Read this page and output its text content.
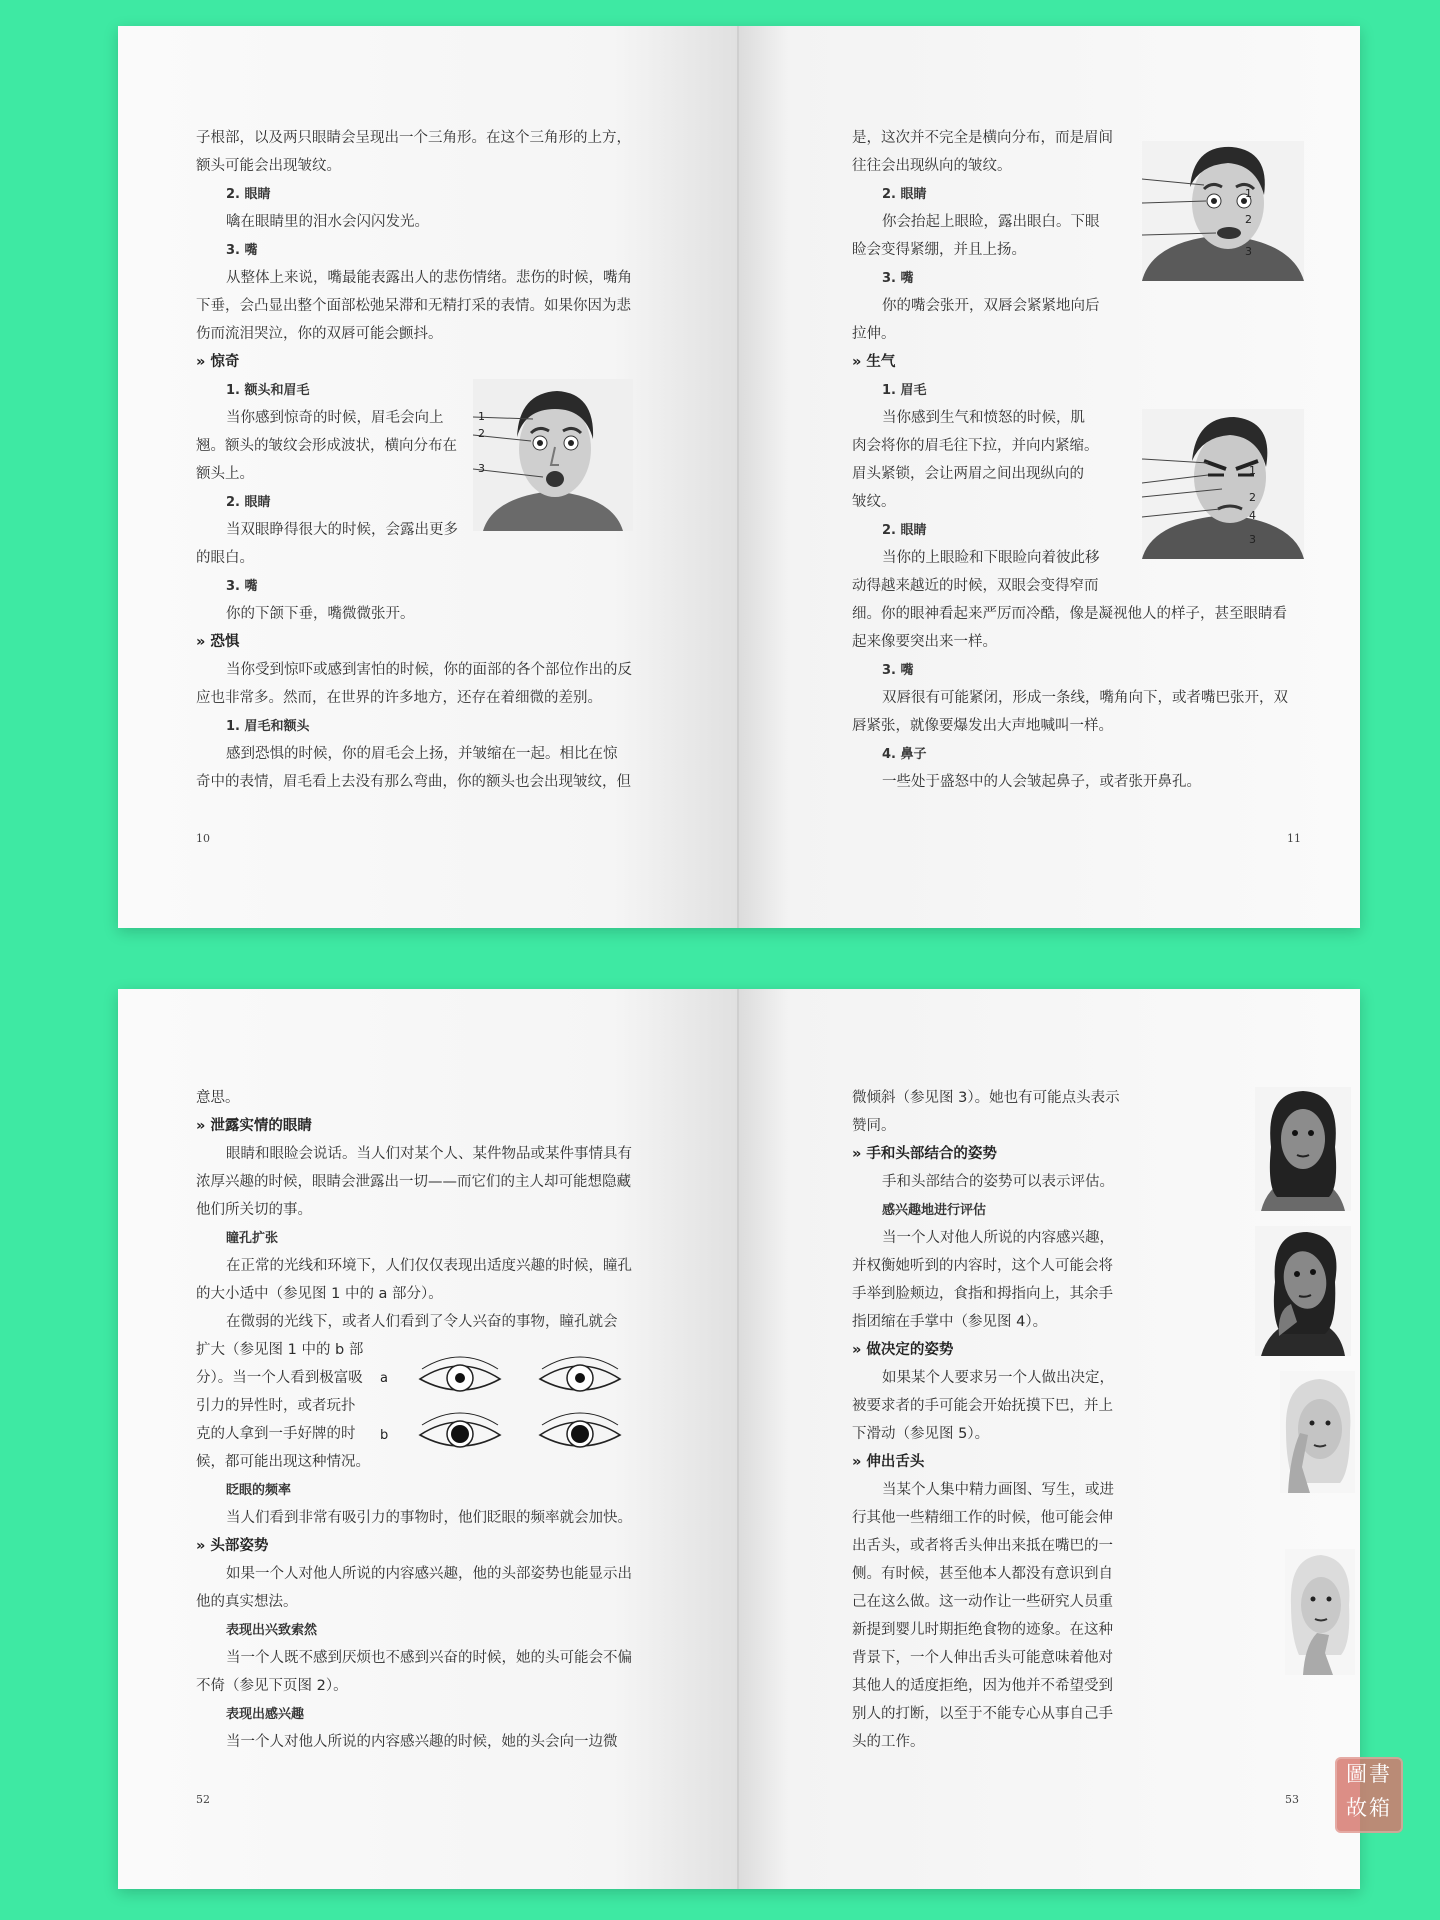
子根部，以及两只眼睛会呈现出一个三角形。在这个三角形的上方，
额头可能会出现皱纹。
2. 眼睛
噙在眼睛里的泪水会闪闪发光。
3. 嘴
从整体上来说，嘴最能表露出人的悲伤情绪。悲伤的时候，嘴角
下垂，会凸显出整个面部松弛呆滞和无精打采的表情。如果你因为悲
伤而流泪哭泣，你的双唇可能会颤抖。
» 惊奇
1. 额头和眉毛
当你感到惊奇的时候，眉毛会向上
翘。额头的皱纹会形成波状，横向分布在
额头上。
2. 眼睛
当双眼睁得很大的时候，会露出更多
的眼白。
3. 嘴
你的下颌下垂，嘴微微张开。
» 恐惧
当你受到惊吓或感到害怕的时候，你的面部的各个部位作出的反
应也非常多。然而，在世界的许多地方，还存在着细微的差别。
1. 眉毛和额头
感到恐惧的时候，你的眉毛会上扬，并皱缩在一起。相比在惊
奇中的表情，眉毛看上去没有那么弯曲，你的额头也会出现皱纹，但
1
2
3
10
是，这次并不完全是横向分布，而是眉间
往往会出现纵向的皱纹。
2. 眼睛
你会抬起上眼睑，露出眼白。下眼
睑会变得紧绷，并且上扬。
3. 嘴
你的嘴会张开，双唇会紧紧地向后
拉伸。
» 生气
1. 眉毛
当你感到生气和愤怒的时候，肌
肉会将你的眉毛往下拉，并向内紧缩。
眉头紧锁，会让两眉之间出现纵向的
皱纹。
2. 眼睛
当你的上眼睑和下眼睑向着彼此移
动得越来越近的时候，双眼会变得窄而
细。你的眼神看起来严厉而冷酷，像是凝视他人的样子，甚至眼睛看
起来像要突出来一样。
3. 嘴
双唇很有可能紧闭，形成一条线，嘴角向下，或者嘴巴张开，双
唇紧张，就像要爆发出大声地喊叫一样。
4. 鼻子
一些处于盛怒中的人会皱起鼻子，或者张开鼻孔。
1
2
3
1
2
4
3
11
意思。
» 泄露实情的眼睛
眼睛和眼睑会说话。当人们对某个人、某件物品或某件事情具有
浓厚兴趣的时候，眼睛会泄露出一切——而它们的主人却可能想隐藏
他们所关切的事。
瞳孔扩张
在正常的光线和环境下，人们仅仅表现出适度兴趣的时候，瞳孔
的大小适中（参见图 1 中的 a 部分）。
在微弱的光线下，或者人们看到了令人兴奋的事物，瞳孔就会
扩大（参见图 1 中的 b 部
分）。当一个人看到极富吸
引力的异性时，或者玩扑
克的人拿到一手好牌的时
候，都可能出现这种情况。
眨眼的频率
当人们看到非常有吸引力的事物时，他们眨眼的频率就会加快。
» 头部姿势
如果一个人对他人所说的内容感兴趣，他的头部姿势也能显示出
他的真实想法。
表现出兴致索然
当一个人既不感到厌烦也不感到兴奋的时候，她的头可能会不偏
不倚（参见下页图 2）。
表现出感兴趣
当一个人对他人所说的内容感兴趣的时候，她的头会向一边微
a
b
52
微倾斜（参见图 3）。她也有可能点头表示
赞同。
» 手和头部结合的姿势
手和头部结合的姿势可以表示评估。
感兴趣地进行评估
当一个人对他人所说的内容感兴趣，
并权衡她听到的内容时，这个人可能会将
手举到脸颊边，食指和拇指向上，其余手
指团缩在手掌中（参见图 4）。
» 做决定的姿势
如果某个人要求另一个人做出决定，
被要求者的手可能会开始抚摸下巴，并上
下滑动（参见图 5）。
» 伸出舌头
当某个人集中精力画图、写生，或进
行其他一些精细工作的时候，他可能会伸
出舌头，或者将舌头伸出来抵在嘴巴的一
侧。有时候，甚至他本人都没有意识到自
己在这么做。这一动作让一些研究人员重
新提到婴儿时期拒绝食物的迹象。在这种
背景下，一个人伸出舌头可能意味着他对
其他人的适度拒绝，因为他并不希望受到
别人的打断，以至于不能专心从事自己手
头的工作。
53
圖書
故箱
